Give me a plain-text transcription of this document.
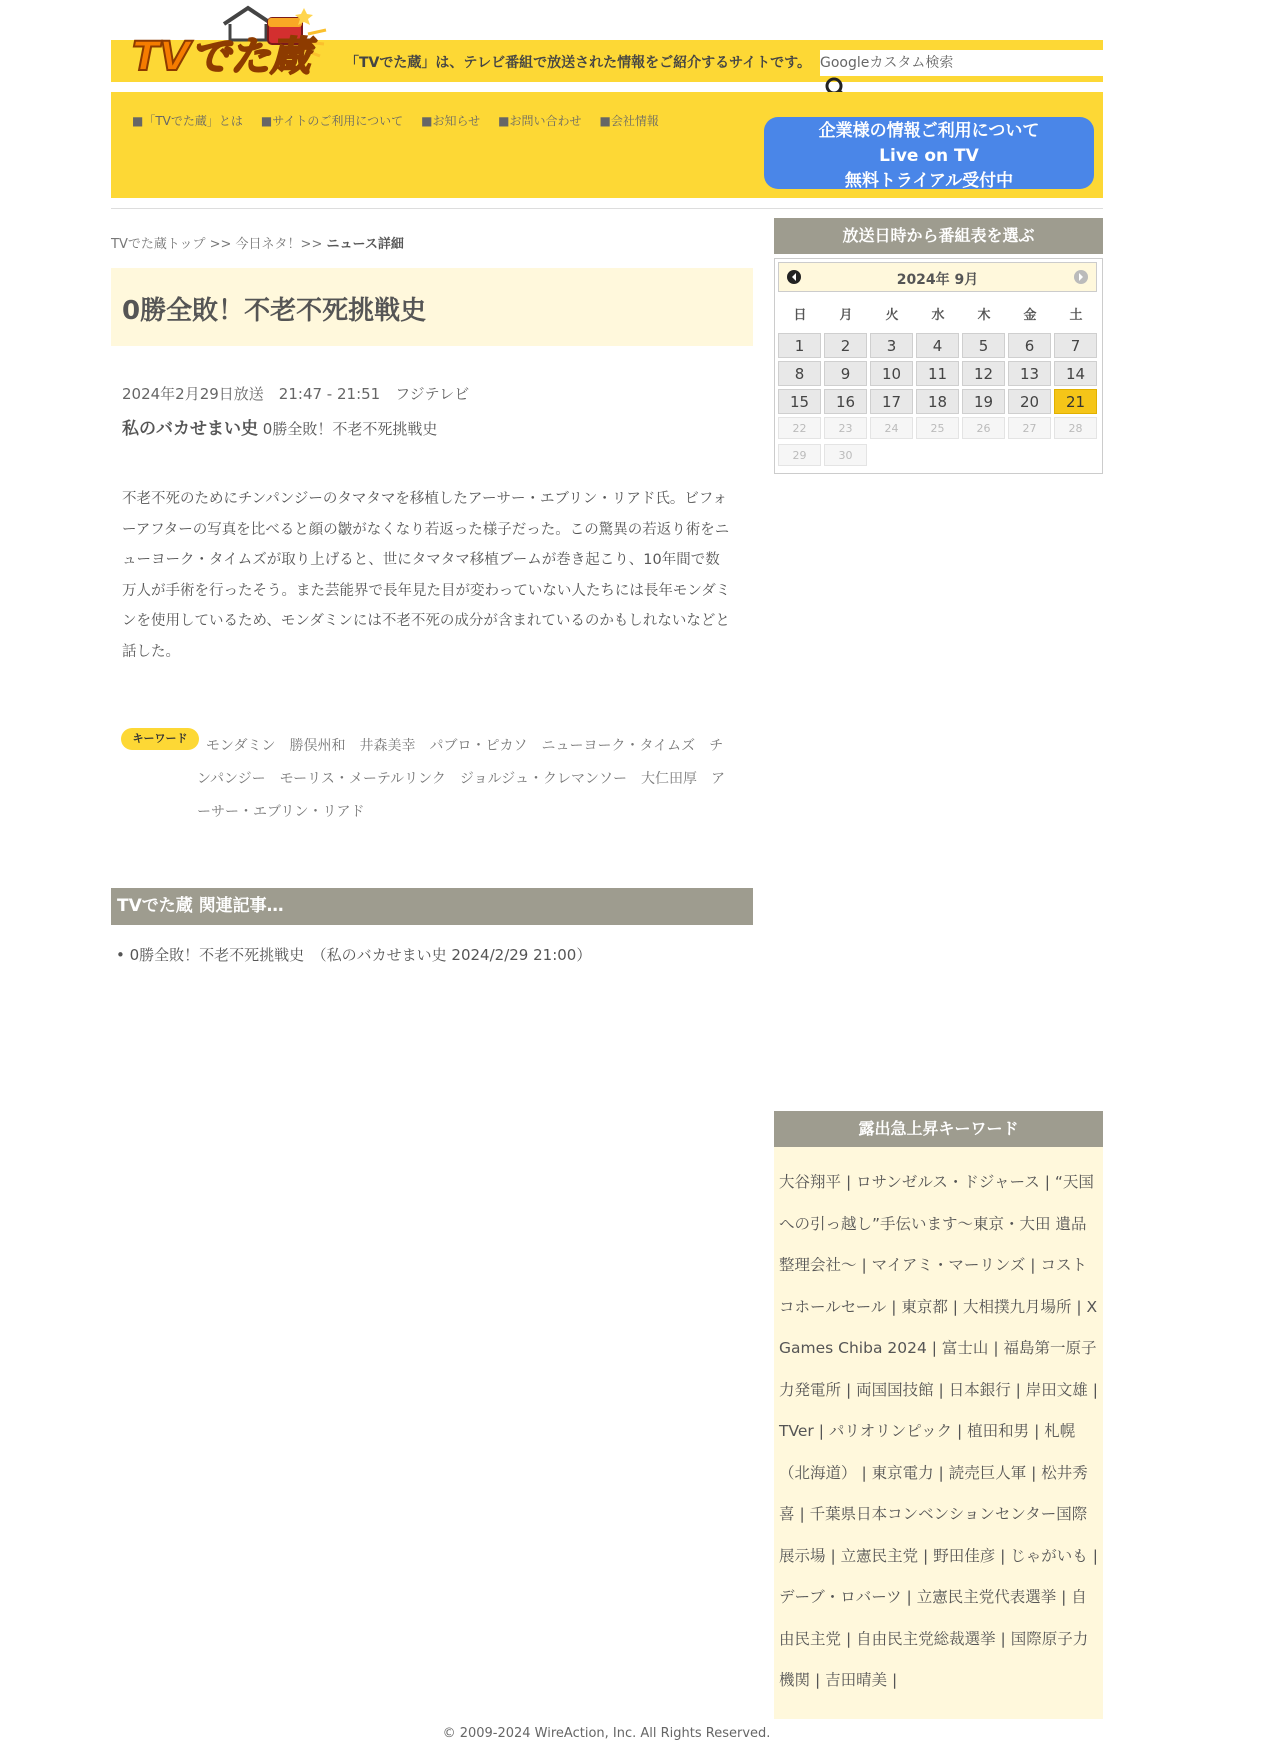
TVでた蔵	「TVでた蔵」は、テレビ番組で放送された情報をご紹介するサイトです。
Googleカスタム検索
■「TVでた蔵」とは ■サイトのご利用について ■お知らせ ■お問い合わせ ■会社情報	企業様の情報ご利用について
Live on TV
無料トライアル受付中
TVでた蔵トップ >> 今日ネタ！>> ニュース詳細
0勝全敗！不老不死挑戦史
2024年2月29日放送　21:47 - 21:51　フジテレビ
私のバカせまい史 0勝全敗！不老不死挑戦史
不老不死のためにチンパンジーのタマタマを移植したアーサー・エブリン・リアド氏。ビフォーアフターの写真を比べると顔の皺がなくなり若返った様子だった。この驚異の若返り術をニューヨーク・タイムズが取り上げると、世にタマタマ移植ブームが巻き起こり、10年間で数万人が手術を行ったそう。また芸能界で長年見た目が変わっていない人たちには長年モンダミンを使用しているため、モンダミンには不老不死の成分が含まれているのかもしれないなどと話した。
キーワード	モンダミン　 勝俣州和　 井森美幸　 パブロ・ピカソ　 ニューヨーク・タイムズ　 チンパンジー　 モーリス・メーテルリンク　 ジョルジュ・クレマンソー　 大仁田厚　 アーサー・エブリン・リアド
TVでた蔵 関連記事…
• 0勝全敗！不老不死挑戦史　（私のバカせまい史 2024/2/29 21:00）
放送日時から番組表を選ぶ
2024年 9月
日	月	火	水	木	金	土
1	2	3	4	5	6	7
8	9	10	11	12	13	14
15	16	17	18	19	20	21
22	23	24	25	26	27	28
29	30
露出急上昇キーワード
大谷翔平 | ロサンゼルス・ドジャース | “天国への引っ越し”手伝います〜東京・大田 遺品整理会社〜 | マイアミ・マーリンズ | コストコホールセール | 東京都 | 大相撲九月場所 | X Games Chiba 2024 | 富士山 | 福島第一原子力発電所 | 両国国技館 | 日本銀行 | 岸田文雄 | TVer | パリオリンピック | 植田和男 | 札幌（北海道） | 東京電力 | 読売巨人軍 | 松井秀喜 | 千葉県日本コンベンションセンター国際展示場 | 立憲民主党 | 野田佳彦 | じゃがいも | デーブ・ロバーツ | 立憲民主党代表選挙 | 自由民主党 | 自由民主党総裁選挙 | 国際原子力機関 | 吉田晴美 |
© 2009-2024 WireAction, Inc. All Rights Reserved.
